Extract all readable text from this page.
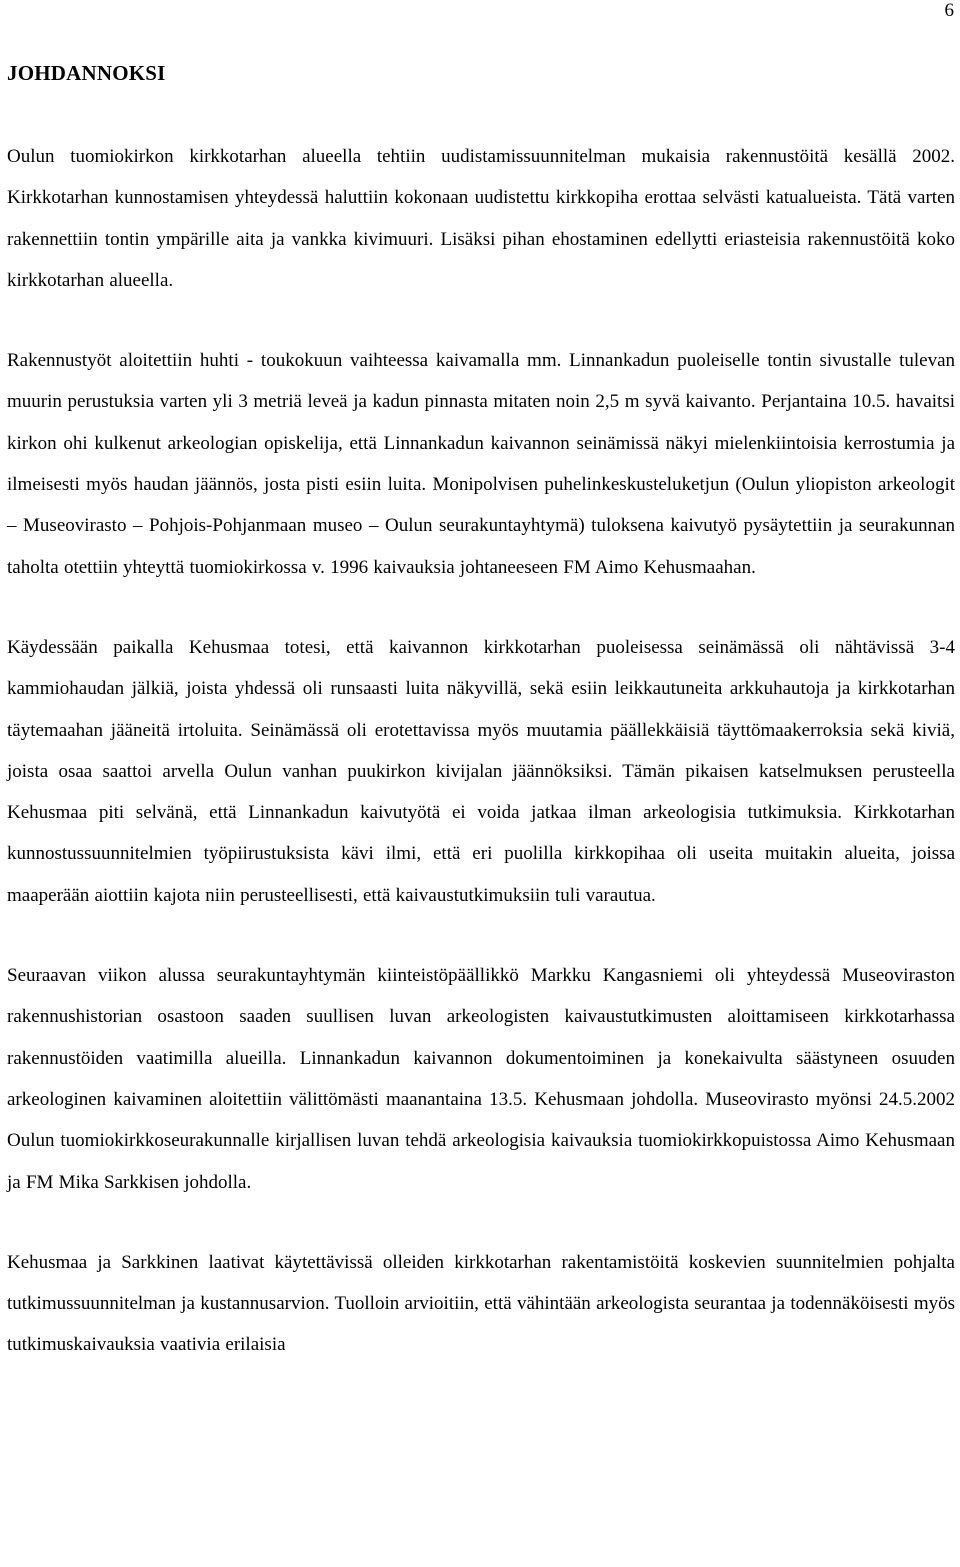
6
JOHDANNOKSI

Oulun tuomiokirkon kirkkotarhan alueella tehtiin uudistamissuunnitelman mukaisia rakennustöitä kesällä 2002. Kirkkotarhan kunnostamisen yhteydessä haluttiin kokonaan uudistettu kirkkopiha erottaa selvästi katualueista. Tätä varten rakennettiin tontin ympärille aita ja vankka kivimuuri. Lisäksi pihan ehostaminen edellytti eriasteisia rakennustöitä koko kirkkotarhan alueella.

Rakennustyöt aloitettiin huhti - toukokuun vaihteessa kaivamalla mm. Linnankadun puoleiselle tontin sivustalle tulevan muurin perustuksia varten yli 3 metriä leveä ja kadun pinnasta mitaten noin 2,5 m syvä kaivanto. Perjantaina 10.5. havaitsi kirkon ohi kulkenut arkeologian opiskelija, että Linnankadun kaivannon seinämissä näkyi mielenkiintoisia kerrostumia ja ilmeisesti myös haudan jäännös, josta pisti esiin luita. Monipolvisen puhelinkeskusteluketjun (Oulun yliopiston arkeologit – Museovirasto – Pohjois-Pohjanmaan museo – Oulun seurakuntayhtymä) tuloksena kaivutyö pysäytettiin ja seurakunnan taholta otettiin yhteyttä tuomiokirkossa v. 1996 kaivauksia johtaneeseen FM Aimo Kehusmaahan.

Käydessään paikalla Kehusmaa totesi, että kaivannon kirkkotarhan puoleisessa seinämässä oli nähtävissä 3-4 kammiohaudan jälkiä, joista yhdessä oli runsaasti luita näkyvillä, sekä esiin leikkautuneita arkkuhautoja ja kirkkotarhan täytemaahan jääneitä irtoluita. Seinämässä oli erotettavissa myös muutamia päällekkäisiä täyttömaakerroksia sekä kiviä, joista osaa saattoi arvella Oulun vanhan puukirkon kivijalan jäännöksiksi. Tämän pikaisen katselmuksen perusteella Kehusmaa piti selvänä, että Linnankadun kaivutyötä ei voida jatkaa ilman arkeologisia tutkimuksia. Kirkkotarhan kunnostussuunnitelmien työpiirustuksista kävi ilmi, että eri puolilla kirkkopihaa oli useita muitakin alueita, joissa maaperään aiottiin kajota niin perusteellisesti, että kaivaustutkimuksiin tuli varautua.

Seuraavan viikon alussa seurakuntayhtymän kiinteistöpäällikkö Markku Kangasniemi oli yhteydessä Museoviraston rakennushistorian osastoon saaden suullisen luvan arkeologisten kaivaustutkimusten aloittamiseen kirkkotarhassa rakennustöiden vaatimilla alueilla. Linnankadun kaivannon dokumentoiminen ja konekaivulta säästyneen osuuden arkeologinen kaivaminen aloitettiin välittömästi maanantaina 13.5. Kehusmaan johdolla. Museovirasto myönsi 24.5.2002 Oulun tuomiokirkkoseurakunnalle kirjallisen luvan tehdä arkeologisia kaivauksia tuomiokirkkopuistossa Aimo Kehusmaan ja FM Mika Sarkkisen johdolla.

Kehusmaa ja Sarkkinen laativat käytettävissä olleiden kirkkotarhan rakentamistöitä koskevien suunnitelmien pohjalta tutkimussuunnitelman ja kustannusarvion. Tuolloin arvioitiin, että vähintään arkeologista seurantaa ja todennäköisesti myös tutkimuskaivauksia vaativia erilaisia
